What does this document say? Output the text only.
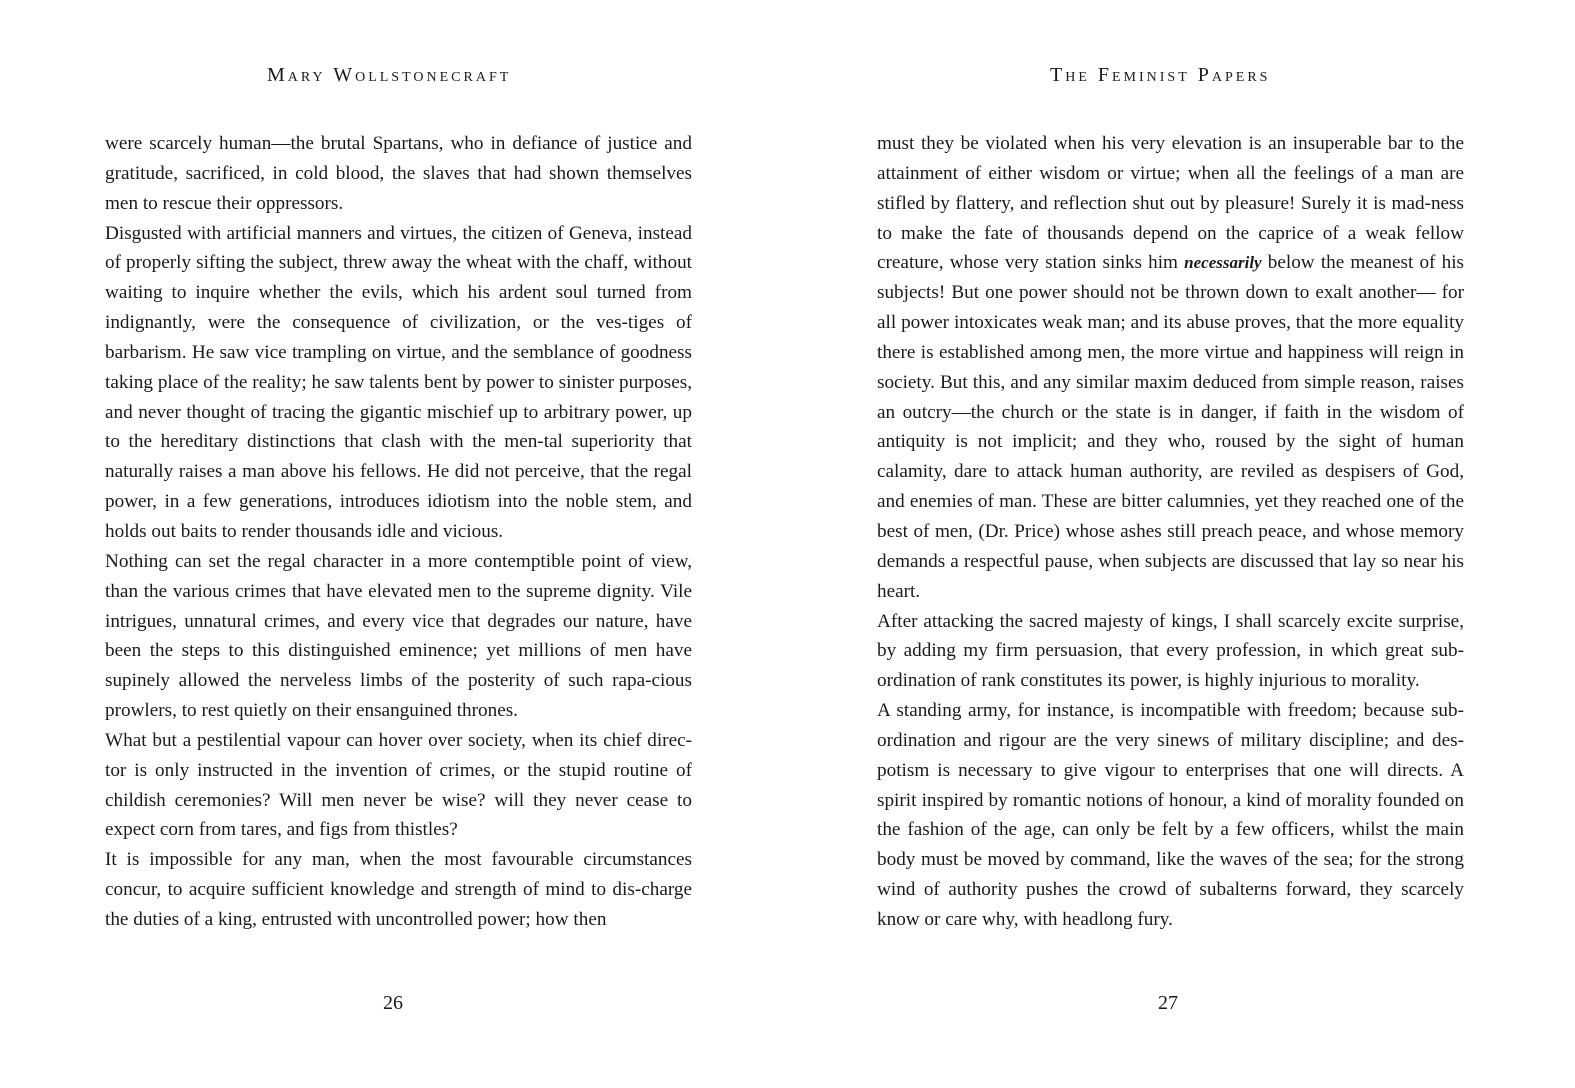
Mary Wollstonecraft

were scarcely human—the brutal Spartans, who in defiance of justice and gratitude, sacrificed, in cold blood, the slaves that had shown themselves men to rescue their oppressors.

Disgusted with artificial manners and virtues, the citizen of Geneva, instead of properly sifting the subject, threw away the wheat with the chaff, without waiting to inquire whether the evils, which his ardent soul turned from indignantly, were the consequence of civilization, or the ves-tiges of barbarism. He saw vice trampling on virtue, and the semblance of goodness taking place of the reality; he saw talents bent by power to sinister purposes, and never thought of tracing the gigantic mischief up to arbitrary power, up to the hereditary distinctions that clash with the men-tal superiority that naturally raises a man above his fellows. He did not perceive, that the regal power, in a few generations, introduces idiotism into the noble stem, and holds out baits to render thousands idle and vicious.

Nothing can set the regal character in a more contemptible point of view, than the various crimes that have elevated men to the supreme dignity. Vile intrigues, unnatural crimes, and every vice that degrades our nature, have been the steps to this distinguished eminence; yet millions of men have supinely allowed the nerveless limbs of the posterity of such rapa-cious prowlers, to rest quietly on their ensanguined thrones.

What but a pestilential vapour can hover over society, when its chief direc-tor is only instructed in the invention of crimes, or the stupid routine of childish ceremonies? Will men never be wise? will they never cease to expect corn from tares, and figs from thistles?

It is impossible for any man, when the most favourable circumstances concur, to acquire sufficient knowledge and strength of mind to dis-charge the duties of a king, entrusted with uncontrolled power; how then

26
The Feminist Papers

must they be violated when his very elevation is an insuperable bar to the attainment of either wisdom or virtue; when all the feelings of a man are stifled by flattery, and reflection shut out by pleasure! Surely it is mad-ness to make the fate of thousands depend on the caprice of a weak fellow creature, whose very station sinks him necessarily below the meanest of his subjects! But one power should not be thrown down to exalt another— for all power intoxicates weak man; and its abuse proves, that the more equality there is established among men, the more virtue and happiness will reign in society. But this, and any similar maxim deduced from simple reason, raises an outcry—the church or the state is in danger, if faith in the wisdom of antiquity is not implicit; and they who, roused by the sight of human calamity, dare to attack human authority, are reviled as despisers of God, and enemies of man. These are bitter calumnies, yet they reached one of the best of men, (Dr. Price) whose ashes still preach peace, and whose memory demands a respectful pause, when subjects are discussed that lay so near his heart.

After attacking the sacred majesty of kings, I shall scarcely excite surprise, by adding my firm persuasion, that every profession, in which great sub-ordination of rank constitutes its power, is highly injurious to morality.

A standing army, for instance, is incompatible with freedom; because sub-ordination and rigour are the very sinews of military discipline; and des-potism is necessary to give vigour to enterprises that one will directs. A spirit inspired by romantic notions of honour, a kind of morality founded on the fashion of the age, can only be felt by a few officers, whilst the main body must be moved by command, like the waves of the sea; for the strong wind of authority pushes the crowd of subalterns forward, they scarcely know or care why, with headlong fury.

27
